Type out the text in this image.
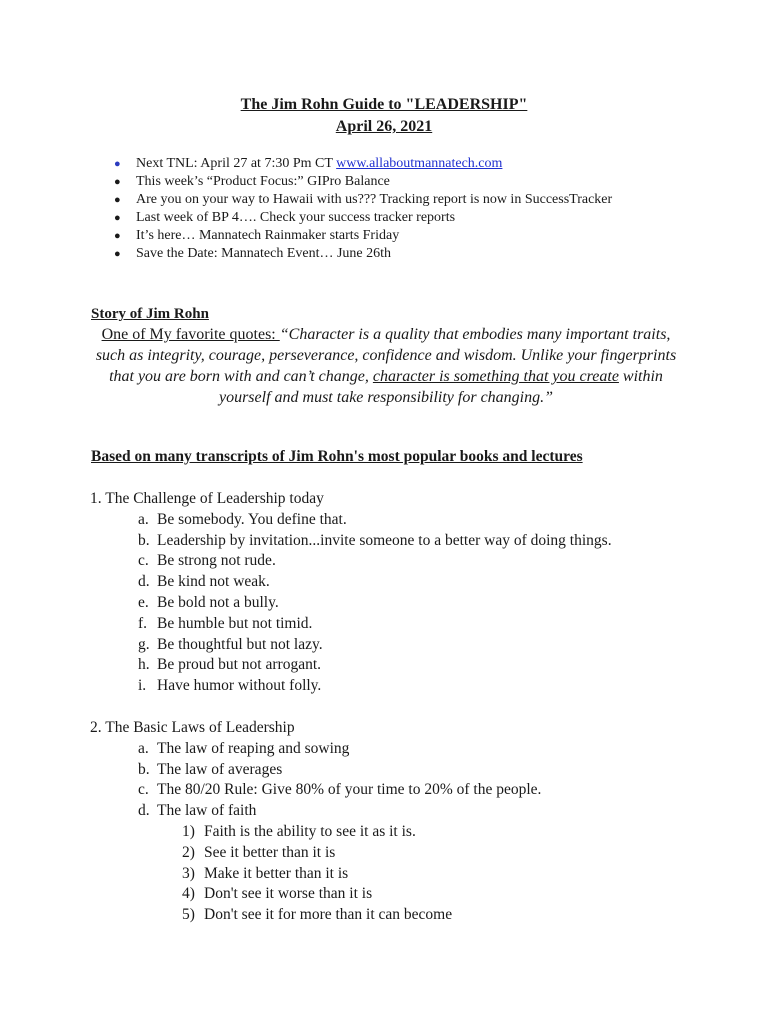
The Jim Rohn Guide to "LEADERSHIP"
April 26, 2021
● Next TNL: April 27 at 7:30 Pm CT www.allaboutmannatech.com
● This week’s “Product Focus:” GIPro Balance
● Are you on your way to Hawaii with us??? Tracking report is now in SuccessTracker
● Last week of BP 4…. Check your success tracker reports
● It’s here… Mannatech Rainmaker starts Friday
● Save the Date: Mannatech Event… June 26th
Story of Jim Rohn
One of My favorite quotes: “Character is a quality that embodies many important traits, such as integrity, courage, perseverance, confidence and wisdom. Unlike your fingerprints that you are born with and can’t change, character is something that you create within yourself and must take responsibility for changing.”
Based on many transcripts of Jim Rohn's most popular books and lectures
1. The Challenge of Leadership today
a. Be somebody. You define that.
b. Leadership by invitation...invite someone to a better way of doing things.
c. Be strong not rude.
d. Be kind not weak.
e. Be bold not a bully.
f. Be humble but not timid.
g. Be thoughtful but not lazy.
h. Be proud but not arrogant.
i. Have humor without folly.
2. The Basic Laws of Leadership
a. The law of reaping and sowing
b. The law of averages
c. The 80/20 Rule: Give 80% of your time to 20% of the people.
d. The law of faith
1) Faith is the ability to see it as it is.
2) See it better than it is
3) Make it better than it is
4) Don't see it worse than it is
5) Don't see it for more than it can become
